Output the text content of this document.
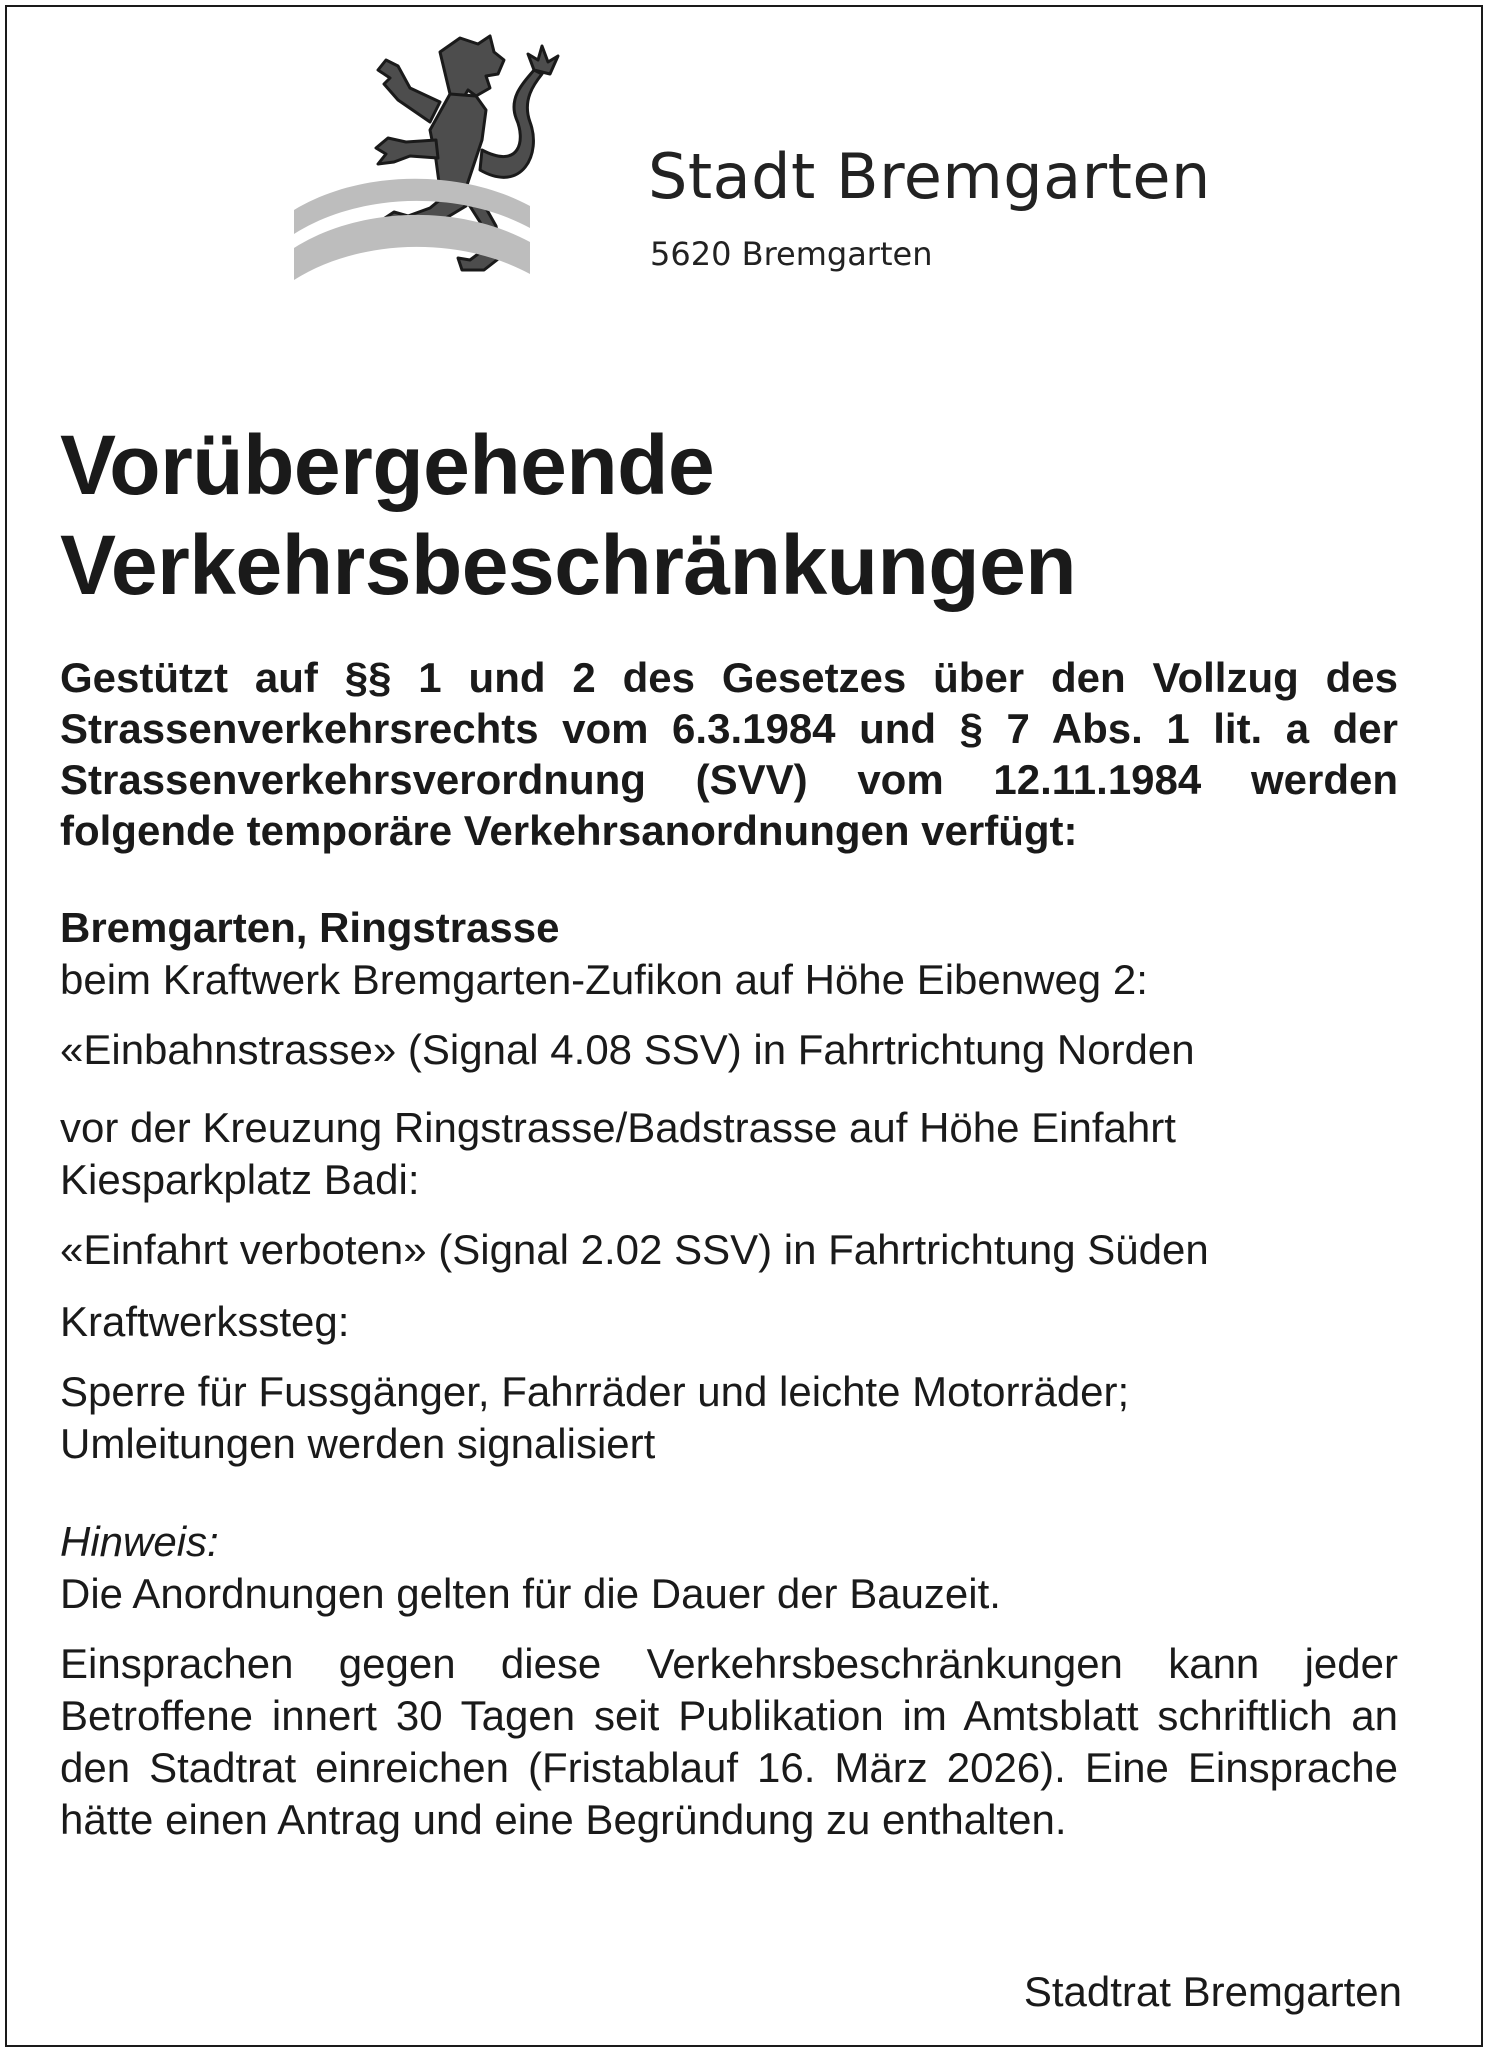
Stadt Bremgarten
5620 Bremgarten
Vorübergehende
Verkehrsbeschränkungen

Gestützt auf §§ 1 und 2 des Gesetzes über den Vollzug des Strassenverkehrsrechts vom 6.3.1984 und § 7 Abs. 1 lit. a der Strassenverkehrsverordnung (SVV) vom 12.11.1984 werden folgende temporäre Verkehrsanordnungen verfügt:

Bremgarten, Ringstrasse

beim Kraftwerk Bremgarten-Zufikon auf Höhe Eibenweg 2:

«Einbahnstrasse» (Signal 4.08 SSV) in Fahrtrichtung Norden

vor der Kreuzung Ringstrasse/Badstrasse auf Höhe Einfahrt

Kiesparkplatz Badi:

«Einfahrt verboten» (Signal 2.02 SSV) in Fahrtrichtung Süden

Kraftwerkssteg:

Sperre für Fussgänger, Fahrräder und leichte Motorräder;

Umleitungen werden signalisiert

Hinweis:

Die Anordnungen gelten für die Dauer der Bauzeit.

Einsprachen gegen diese Verkehrsbeschränkungen kann jeder Betroffene innert 30 Tagen seit Publikation im Amtsblatt schriftlich an den Stadtrat einreichen (Fristablauf 16. März 2026). Eine Einsprache hätte einen Antrag und eine Begründung zu enthalten.

Stadtrat Bremgarten
